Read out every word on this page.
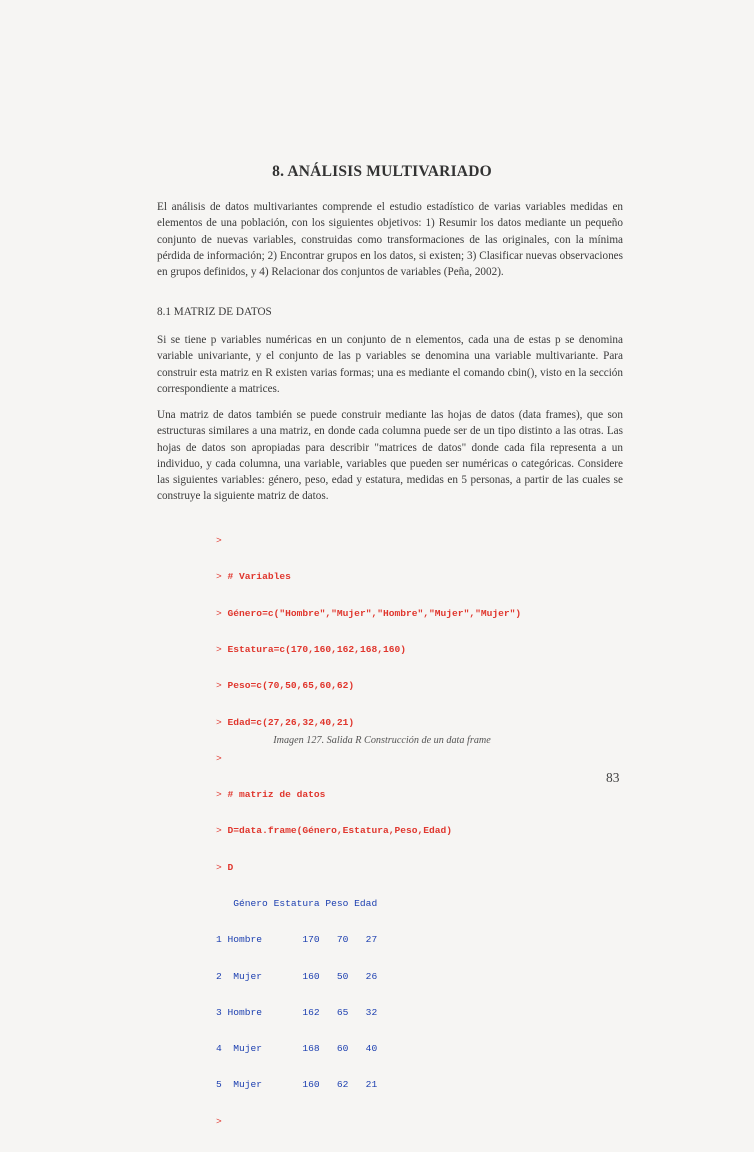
8. ANÁLISIS MULTIVARIADO
El análisis de datos multivariantes comprende el estudio estadístico de varias variables medidas en elementos de una población, con los siguientes objetivos: 1) Resumir los datos mediante un pequeño conjunto de nuevas variables, construidas como transformaciones de las originales, con la mínima pérdida de información; 2) Encontrar grupos en los datos, si existen; 3) Clasificar nuevas observaciones en grupos definidos, y 4) Relacionar dos conjuntos de variables (Peña, 2002).
8.1 MATRIZ DE DATOS
Si se tiene p variables numéricas en un conjunto de n elementos, cada una de estas p se denomina variable univariante, y el conjunto de las p variables se denomina una variable multivariante. Para construir esta matriz en R existen varias formas; una es mediante el comando cbin(), visto en la sección correspondiente a matrices.
Una matriz de datos también se puede construir mediante las hojas de datos (data frames), que son estructuras similares a una matriz, en donde cada columna puede ser de un tipo distinto a las otras. Las hojas de datos son apropiadas para describir "matrices de datos" donde cada fila representa a un individuo, y cada columna, una variable, variables que pueden ser numéricas o categóricas. Considere las siguientes variables: género, peso, edad y estatura, medidas en 5 personas, a partir de las cuales se construye la siguiente matriz de datos.

>

> # Variables

> Género=c("Hombre","Mujer","Hombre","Mujer","Mujer")

> Estatura=c(170,160,162,168,160)

> Peso=c(70,50,65,60,62)

> Edad=c(27,26,32,40,21)

>

> # matriz de datos

> D=data.frame(Género,Estatura,Peso,Edad)

> D

Género Estatura Peso Edad

1 Hombre       170   70   27

2  Mujer       160   50   26

3 Hombre       162   65   32

4  Mujer       168   60   40

5  Mujer       160   62   21

>

Imagen 127. Salida R Construcción de un data frame
83
